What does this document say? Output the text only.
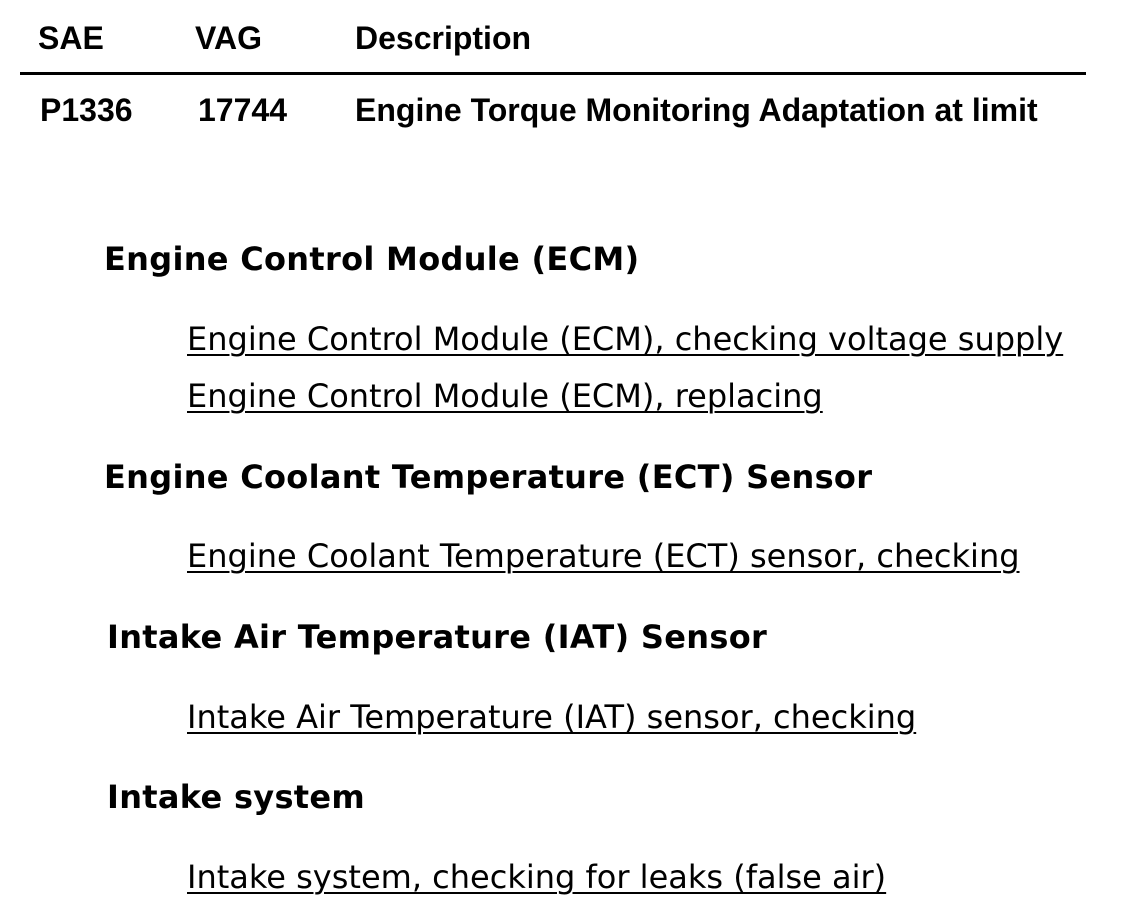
SAE	VAG	Description
P1336 17744 Engine Torque Monitoring Adaptation at limit
Engine Control Module (ECM)
Engine Control Module (ECM), checking voltage supply
Engine Control Module (ECM), replacing
Engine Coolant Temperature (ECT) Sensor
Engine Coolant Temperature (ECT) sensor, checking
Intake Air Temperature (IAT) Sensor
Intake Air Temperature (IAT) sensor, checking
Intake system
Intake system, checking for leaks (false air)
